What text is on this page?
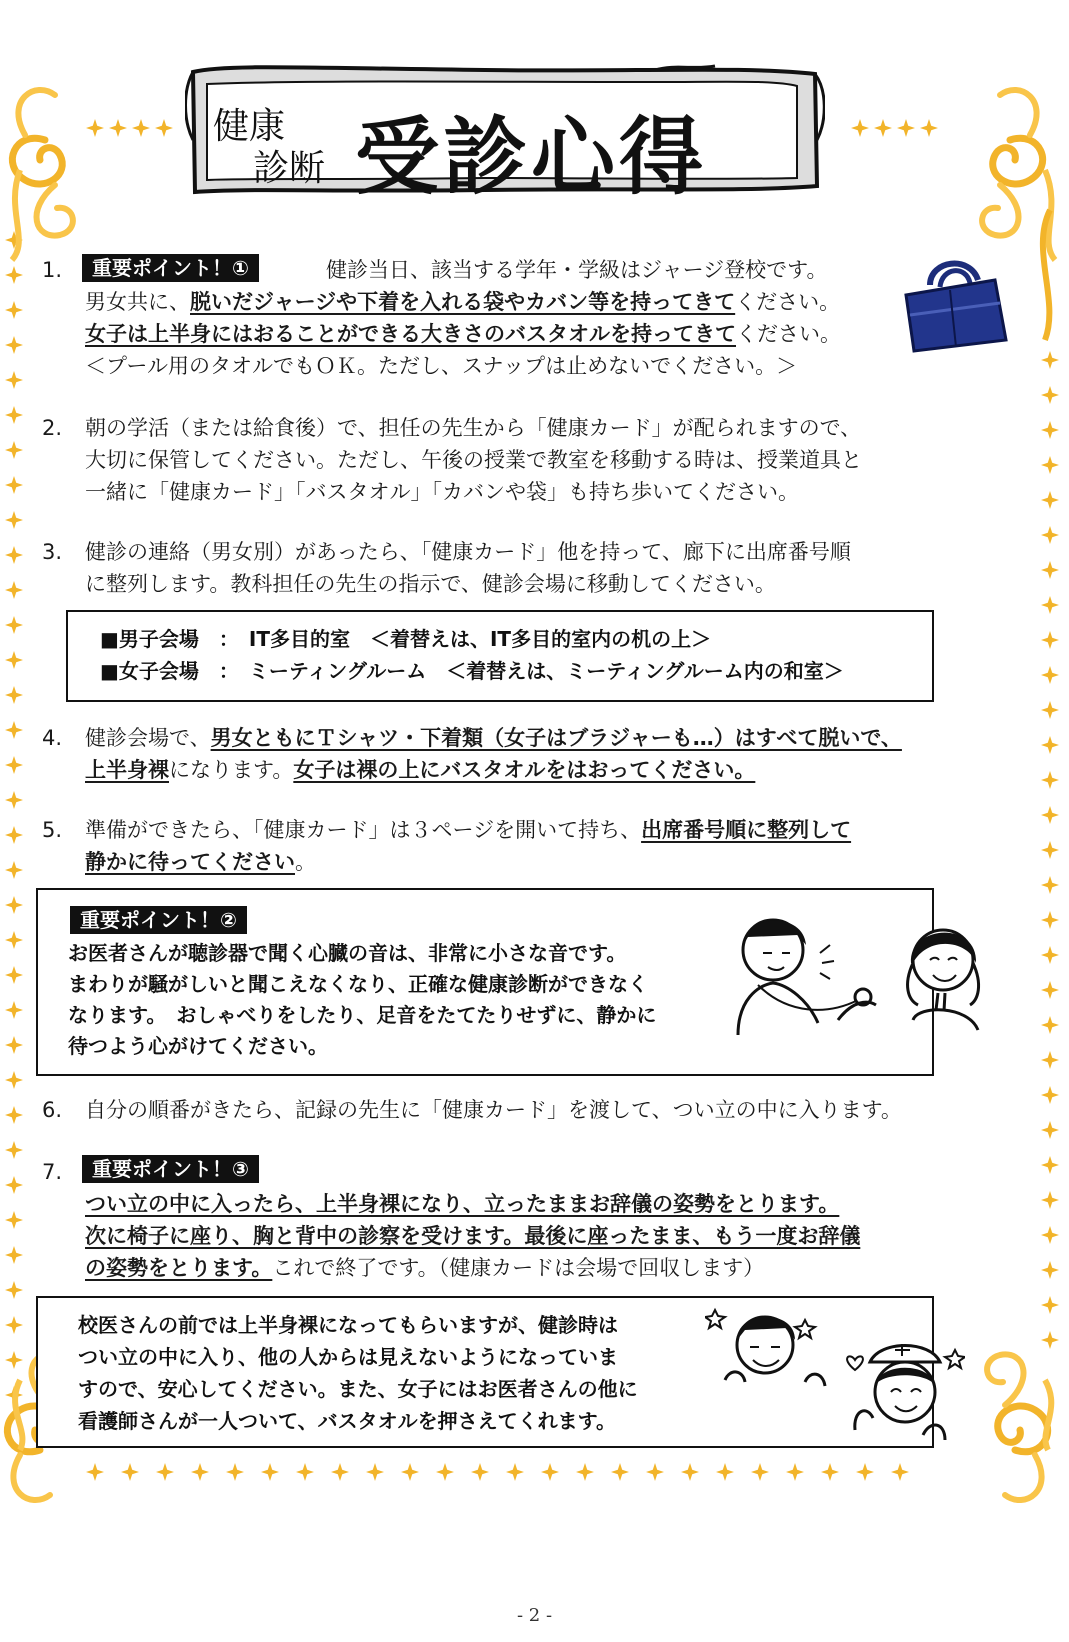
健康
診断 受診心得
1.	重要ポイント！①	健診当日、該当する学年・学級はジャージ登校です。
男女共に、脱いだジャージや下着を入れる袋やカバン等を持ってきてください。
女子は上半身にはおることができる大きさのバスタオルを持ってきてください。
＜プール用のタオルでもＯＫ。ただし、スナップは止めないでください。＞
2. 朝の学活（または給食後）で、担任の先生から「健康カード」が配られますので、
大切に保管してください。ただし、午後の授業で教室を移動する時は、授業道具と
一緒に「健康カード」「バスタオル」「カバンや袋」も持ち歩いてください。
3. 健診の連絡（男女別）があったら、「健康カード」他を持って、廊下に出席番号順
に整列します。教科担任の先生の指示で、健診会場に移動してください。
■男子会場　：　IT多目的室　＜着替えは、IT多目的室内の机の上＞
■女子会場　：　ミーティングルーム　＜着替えは、ミーティングルーム内の和室＞
4. 健診会場で、男女ともにＴシャツ・下着類（女子はブラジャーも…）はすべて脱いで、
上半身裸になります。女子は裸の上にバスタオルをはおってください。
5. 準備ができたら、「健康カード」は３ページを開いて持ち、出席番号順に整列して
静かに待ってください。
重要ポイント！②
お医者さんが聴診器で聞く心臓の音は、非常に小さな音です。
まわりが騒がしいと聞こえなくなり、正確な健康診断ができなく
なります。　おしゃべりをしたり、足音をたてたりせずに、静かに
待つよう心がけてください。
6. 自分の順番がきたら、記録の先生に「健康カード」を渡して、つい立の中に入ります。
7.	重要ポイント！③
つい立の中に入ったら、上半身裸になり、立ったままお辞儀の姿勢をとります。
次に椅子に座り、胸と背中の診察を受けます。最後に座ったまま、もう一度お辞儀
の姿勢をとります。これで終了です。（健康カードは会場で回収します）
校医さんの前では上半身裸になってもらいますが、健診時は
つい立の中に入り、他の人からは見えないようになっていま
すので、安心してください。また、女子にはお医者さんの他に
看護師さんが一人ついて、バスタオルを押さえてくれます。
- 2 -
